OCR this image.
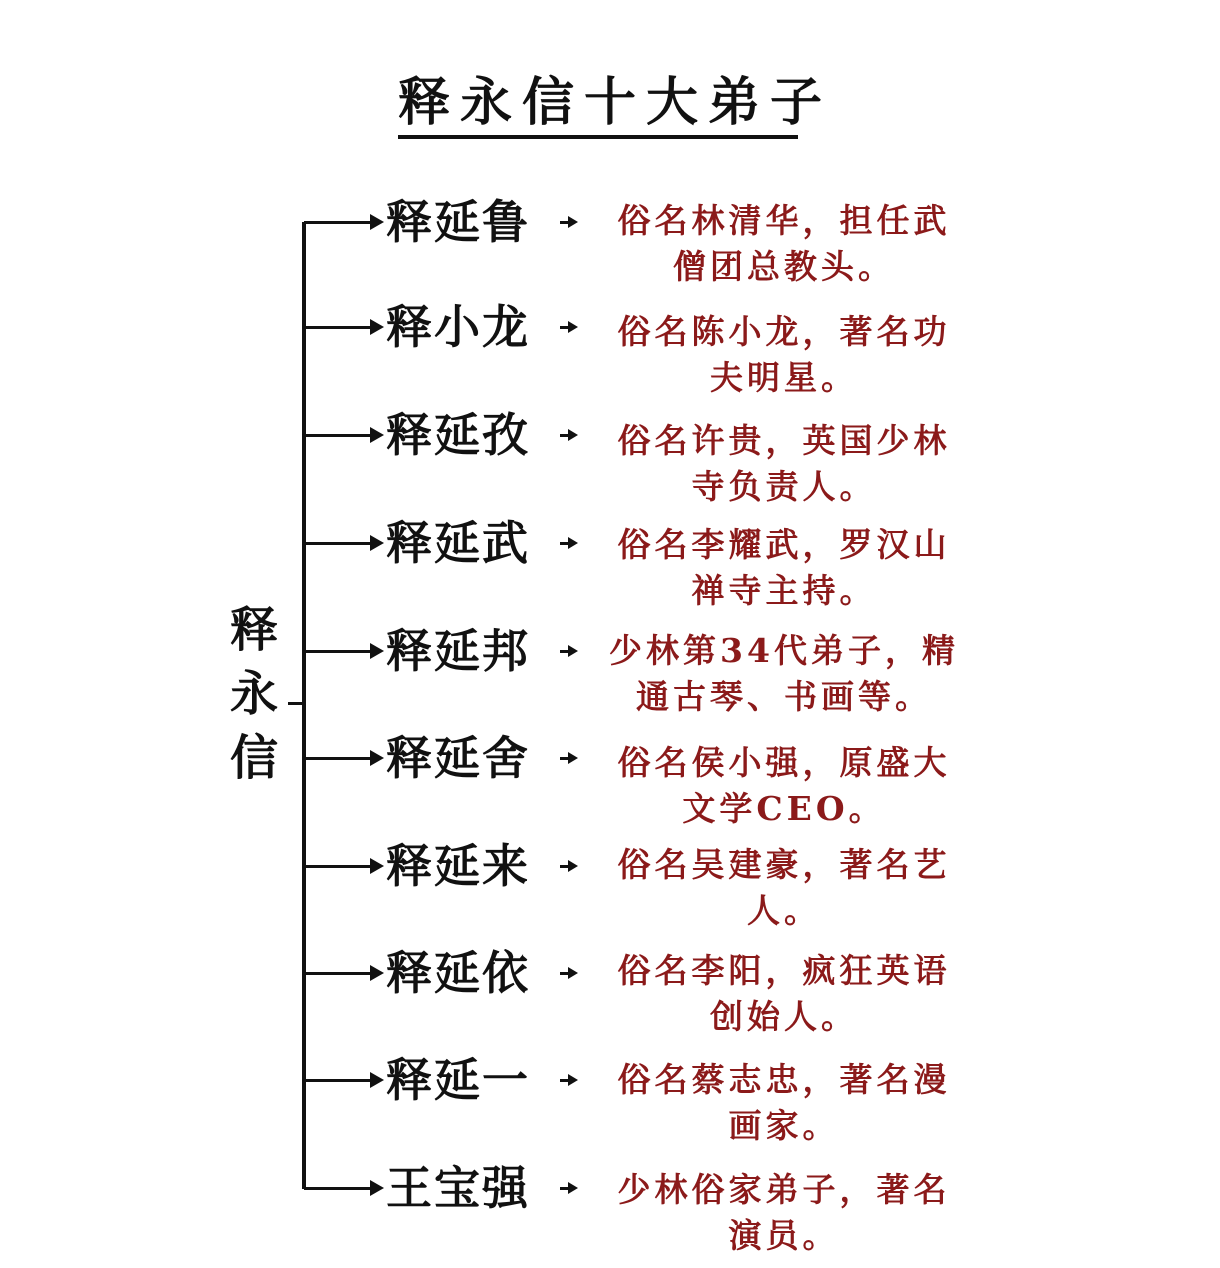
释永信十大弟子
释
永
信
释延鲁	俗名林清华，担任武
僧团总教头。
释小龙	俗名陈小龙，著名功
夫明星。
释延孜	俗名许贵，英国少林
寺负责人。
释延武	俗名李耀武，罗汉山
禅寺主持。
释延邦	少林第34代弟子，精
通古琴、书画等。
释延舍	俗名侯小强，原盛大
文学CEO。
释延来	俗名吴建豪，著名艺
人。
释延依	俗名李阳，疯狂英语
创始人。
释延一	俗名蔡志忠，著名漫
画家。
王宝强	少林俗家弟子，著名
演员。
